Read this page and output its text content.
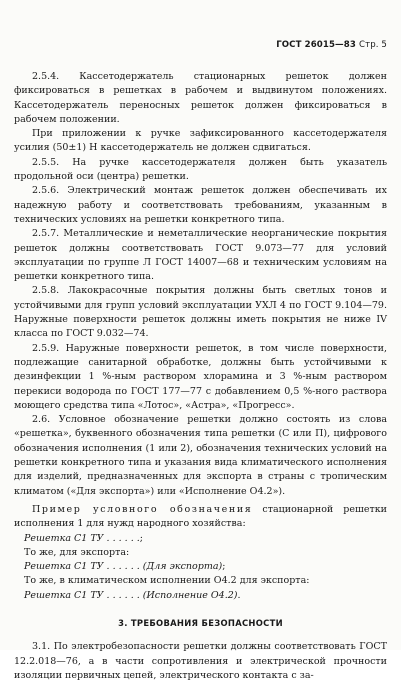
ГОСТ 26015—83 Стр. 5

2.5.4. Кассетодержатель стационарных решеток должен фиксироваться в решетках в рабочем и выдвинутом положениях. Кассетодержатель переносных решеток должен фиксироваться в рабочем положении.

При приложении к ручке зафиксированного кассетодержателя усилия (50±1) Н кассетодержатель не должен сдвигаться.

2.5.5. На ручке кассетодержателя должен быть указатель продольной оси (центра) решетки.

2.5.6. Электрический монтаж решеток должен обеспечивать их надежную работу и соответствовать требованиям, указанным в технических условиях на решетки конкретного типа.

2.5.7. Металлические и неметаллические неорганические покрытия решеток должны соответствовать ГОСТ 9.073—77 для условий эксплуатации по группе Л ГОСТ 14007—68 и техническим условиям на решетки конкретного типа.

2.5.8. Лакокрасочные покрытия должны быть светлых тонов и устойчивыми для групп условий эксплуатации УХЛ 4 по ГОСТ 9.104—79. Наружные поверхности решеток должны иметь покрытия не ниже IV класса по ГОСТ 9.032—74.

2.5.9. Наружные поверхности решеток, в том числе поверхности, подлежащие санитарной обработке, должны быть устойчивыми к дезинфекции 1 %-ным раствором хлорамина и 3 %-ным раствором перекиси водорода по ГОСТ 177—77 с добавлением 0,5 %-ного раствора моющего средства типа «Лотос», «Астра», «Прогресс».

2.6. Условное обозначение решетки должно состоять из слова «решетка», буквенного обозначения типа решетки (С или П), цифрового обозначения исполнения (1 или 2), обозначения технических условий на решетки конкретного типа и указания вида климатического исполнения для изделий, предназначенных для экспорта в страны с тропическим климатом («Для экспорта») или «Исполнение О4.2»).

Пример условного обозначения стационарной решетки исполнения 1 для нужд народного хозяйства:

Решетка С1 ТУ . . . . . .;

То же, для экспорта:

Решетка С1 ТУ . . . . . . (Для экспорта);

То же, в климатическом исполнении О4.2 для экспорта:

Решетка С1 ТУ . . . . . . (Исполнение О4.2).

3. ТРЕБОВАНИЯ БЕЗОПАСНОСТИ

3.1. По электробезопасности решетки должны соответствовать ГОСТ 12.2.018—76, а в части сопротивления и электрической прочности изоляции первичных цепей, электрического контакта с за-
